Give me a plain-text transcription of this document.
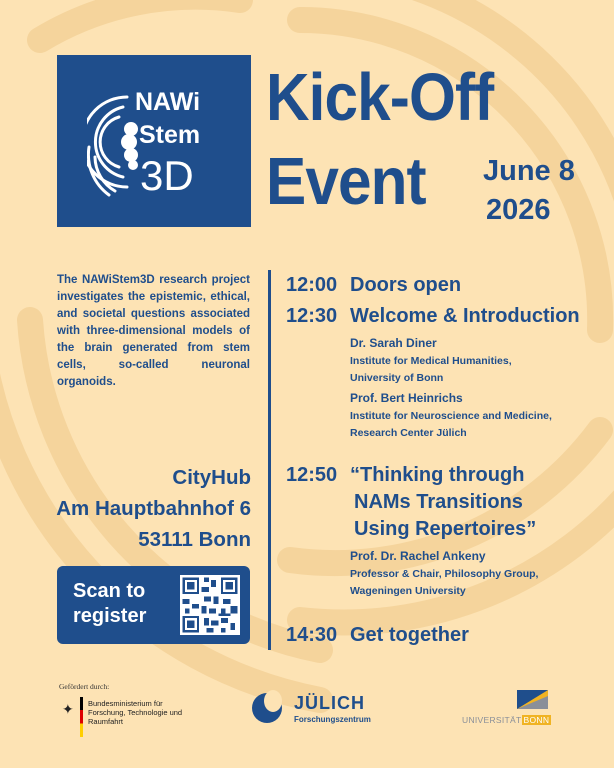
NAWi
Stem
3D
Kick-Off
Event June 8
2026
The NAWiStem3D research project investigates the epistemic, ethical, and societal questions associated with three-dimensional models of the brain generated from stem cells, so-called neuronal organoids.
CityHub
Am Hauptbahnhof 6
53111 Bonn
Scan to
register
12:00 Doors open
12:30 Welcome & Introduction
Dr. Sarah Diner
Institute for Medical Humanities,
University of Bonn
Prof. Bert Heinrichs
Institute for Neuroscience and Medicine,
Research Center Jülich
12:50 “Thinking through
NAMs Transitions
Using Repertoires”
Prof. Dr. Rachel Ankeny
Professor & Chair, Philosophy Group,
Wageningen University
14:30 Get together
Gefördert durch:
✦ Bundesministerium für Forschung, Technologie und Raumfahrt
JÜLICH
Forschungszentrum	UNIVERSITÄT BONN
